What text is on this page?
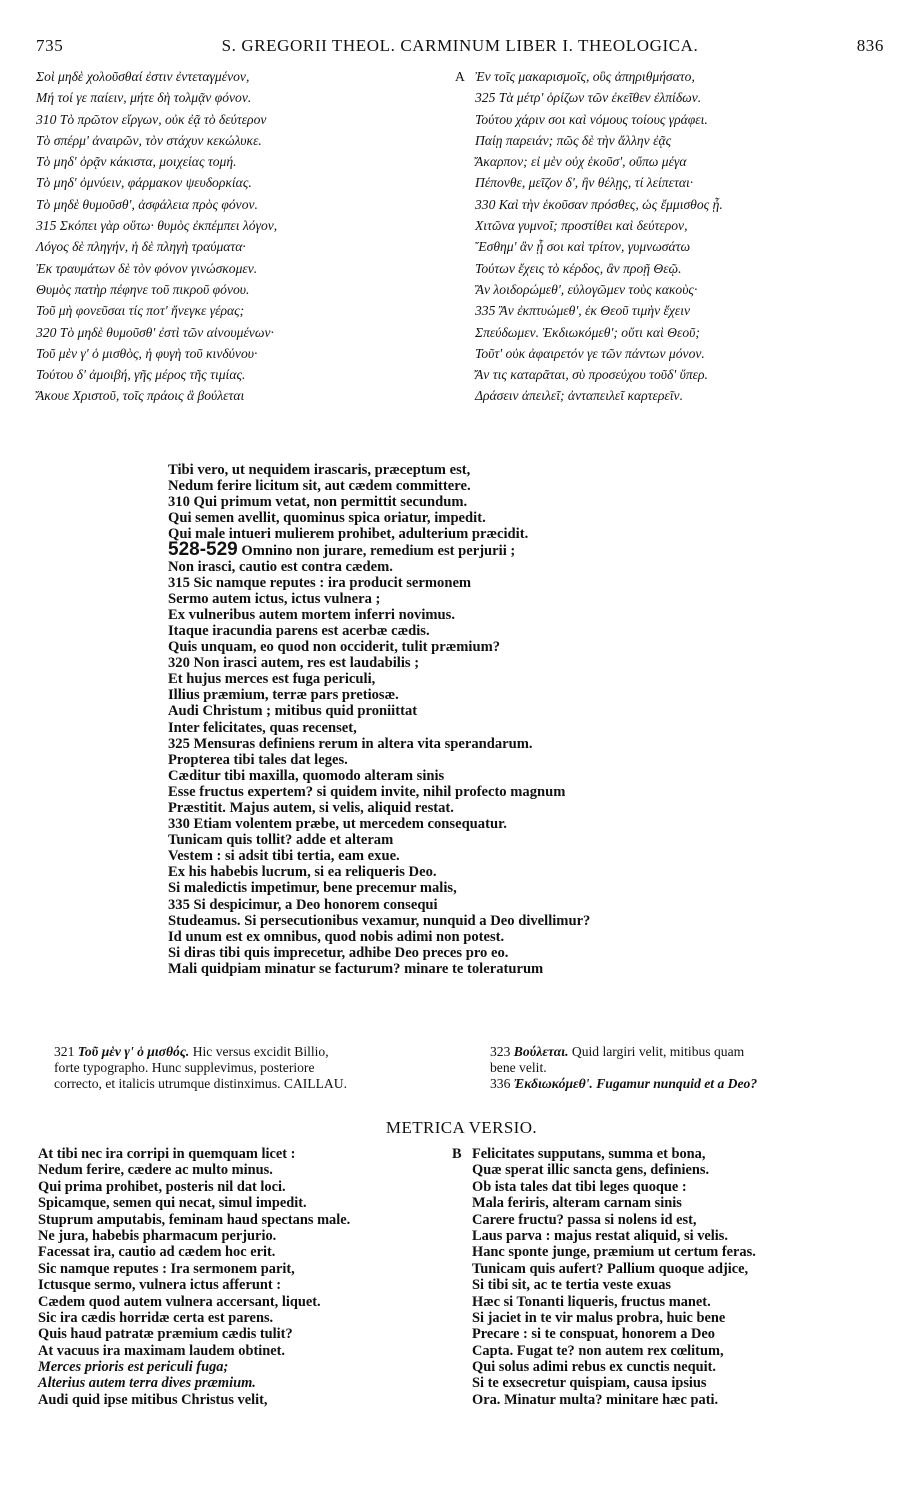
735	S. GREGORII THEOL. CARMINUM LIBER I. THEOLOGICA.	836
Σοὶ μηδὲ χολοῦσθαί ἐστιν ἐντεταγμένον,
Μή τοί γε παίειν, μήτε δὴ τολμᾷν φόνον.
310 Τὸ πρῶτον εἴργων, οὐκ ἐᾷ τὸ δεύτερον
Τὸ σπέρμ' ἀναιρῶν, τὸν στάχυν κεκώλυκε.
Τὸ μηδ' ὁρᾷν κάκιστα, μοιχείας τομή.
Τὸ μηδ' ὀμνύειν, φάρμακον ψευδορκίας.
Τὸ μηδὲ θυμοῦσθ', ἀσφάλεια πρὸς φόνον.
315 Σκόπει γὰρ οὕτω· θυμὸς ἐκπέμπει λόγον,
Λόγος δὲ πληγήν, ἡ δὲ πληγὴ τραύματα·
Ἐκ τραυμάτων δὲ τὸν φόνον γινώσκομεν.
Θυμὸς πατὴρ πέφηνε τοῦ πικροῦ φόνου.
Τοῦ μὴ φονεῦσαι τίς ποτ' ἤνεγκε γέρας;
320 Τὸ μηδὲ θυμοῦσθ' ἐστὶ τῶν αἰνουμένων·
Τοῦ μὲν γ' ὁ μισθὸς, ἡ φυγὴ τοῦ κινδύνου·
Τούτου δ' ἀμοιβή, γῆς μέρος τῆς τιμίας.
Ἄκουε Χριστοῦ, τοῖς πράοις ἃ βούλεται
A Ἐν τοῖς μακαρισμοῖς, οὓς ἀπηριθμήσατο,
325 Τὰ μέτρ' ὁρίζων τῶν ἐκεῖθεν ἐλπίδων.
Τούτου χάριν σοι καὶ νόμους τοίους γράφει.
Παίῃ παρειάν; πῶς δὲ τὴν ἄλλην ἐᾷς
Ἄκαρπον; εἰ μὲν οὐχ ἑκοῦσ', οὔπω μέγα
Πέπονθε, μεῖζον δ', ἢν θέλῃς, τί λείπεται·
330 Καὶ τὴν ἑκοῦσαν πρόσθες, ὡς ἔμμισθος ᾖ.
Χιτῶνα γυμνοῖ; προστίθει καὶ δεύτερον,
Ἔσθημ' ἂν ᾖ σοι καὶ τρίτον, γυμνωσάτω
Τούτων ἔχεις τὸ κέρδος, ἂν προῇ Θεῷ.
Ἂν λοιδορώμεθ', εὐλογῶμεν τοὺς κακοὺς·
335 Ἂν ἐκπτυώμεθ', ἐκ Θεοῦ τιμὴν ἔχειν
Σπεύδωμεν. Ἐκδιωκόμεθ'; οὔτι καὶ Θεοῦ;
Τοῦτ' οὐκ ἀφαιρετόν γε τῶν πάντων μόνον.
Ἄν τις καταρᾶται, σὺ προσεύχου τοῦδ' ὕπερ.
Δράσειν ἀπειλεῖ; ἀνταπειλεῖ καρτερεῖν.
Tibi vero, ut nequidem irascaris, præceptum est,
Nedum ferire licitum sit, aut cædem committere.
310 Qui primum vetat, non permittit secundum.
Qui semen avellit, quominus spica oriatur, impedit.
Qui male intueri mulierem prohibet, adulterium præcidit.
528-529 Omnino non jurare, remedium est perjurii ;
Non irasci, cautio est contra cædem.
315 Sic namque reputes : ira producit sermonem
Sermo autem ictus, ictus vulnera ;
Ex vulneribus autem mortem inferri novimus.
Itaque iracundia parens est acerbæ cædis.
Quis unquam, eo quod non occiderit, tulit præmium?
320 Non irasci autem, res est laudabilis ;
Et hujus merces est fuga periculi,
Illius præmium, terræ pars pretiosæ.
Audi Christum ; mitibus quid proniittat
Inter felicitates, quas recenset,
325 Mensuras definiens rerum in altera vita sperandarum.
Propterea tibi tales dat leges.
Cæditur tibi maxilla, quomodo alteram sinis
Esse fructus expertem? si quidem invite, nihil profecto magnum
Præstitit. Majus autem, si velis, aliquid restat.
330 Etiam volentem præbe, ut mercedem consequatur.
Tunicam quis tollit? adde et alteram
Vestem : si adsit tibi tertia, eam exue.
Ex his habebis lucrum, si ea reliqueris Deo.
Si maledictis impetimur, bene precemur malis,
335 Si despicimur, a Deo honorem consequi
Studeamus. Si persecutionibus vexamur, nunquid a Deo divellimur?
Id unum est ex omnibus, quod nobis adimi non potest.
Si diras tibi quis imprecetur, adhibe Deo preces pro eo.
Mali quidpiam minatur se facturum? minare te toleraturum
321 Τοῦ μὲν γ' ὁ μισθός. Hic versus excidit Billio,
forte typographo. Hunc supplevimus, posteriore
correcto, et italicis utrumque distinximus. CAILLAU.
323 Βούλεται. Quid largiri velit, mitibus quam
bene velit.
336 Ἐκδιωκόμεθ'. Fugamur nunquid et a Deo?
METRICA VERSIO.
At tibi nec ira corripi in quemquam licet :
Nedum ferire, cædere ac multo minus.
Qui prima prohibet, posteris nil dat loci.
Spicamque, semen qui necat, simul impedit.
Stuprum amputabis, feminam haud spectans male.
Ne jura, habebis pharmacum perjurio.
Facessat ira, cautio ad cædem hoc erit.
Sic namque reputes : Ira sermonem parit,
Ictusque sermo, vulnera ictus afferunt :
Cædem quod autem vulnera accersant, liquet.
Sic ira cædis horridæ certa est parens.
Quis haud patratæ præmium cædis tulit?
At vacuus ira maximam laudem obtinet.
Merces prioris est periculi fuga;
Alterius autem terra dives præmium.
Audi quid ipse mitibus Christus velit,
B Felicitates supputans, summa et bona,
Quæ sperat illic sancta gens, definiens.
Ob ista tales dat tibi leges quoque :
Mala feriris, alteram carnam sinis
Carere fructu? passa si nolens id est,
Laus parva : majus restat aliquid, si velis.
Hanc sponte junge, præmium ut certum feras.
Tunicam quis aufert? Pallium quoque adjice,
Si tibi sit, ac te tertia veste exuas
Hæc si Tonanti liqueris, fructus manet.
Si jaciet in te vir malus probra, huic bene
Precare : si te conspuat, honorem a Deo
Capta. Fugat te? non autem rex cœlitum,
Qui solus adimi rebus ex cunctis nequit.
Si te exsecretur quispiam, causa ipsius
Ora. Minatur multa? minitare hæc pati.
